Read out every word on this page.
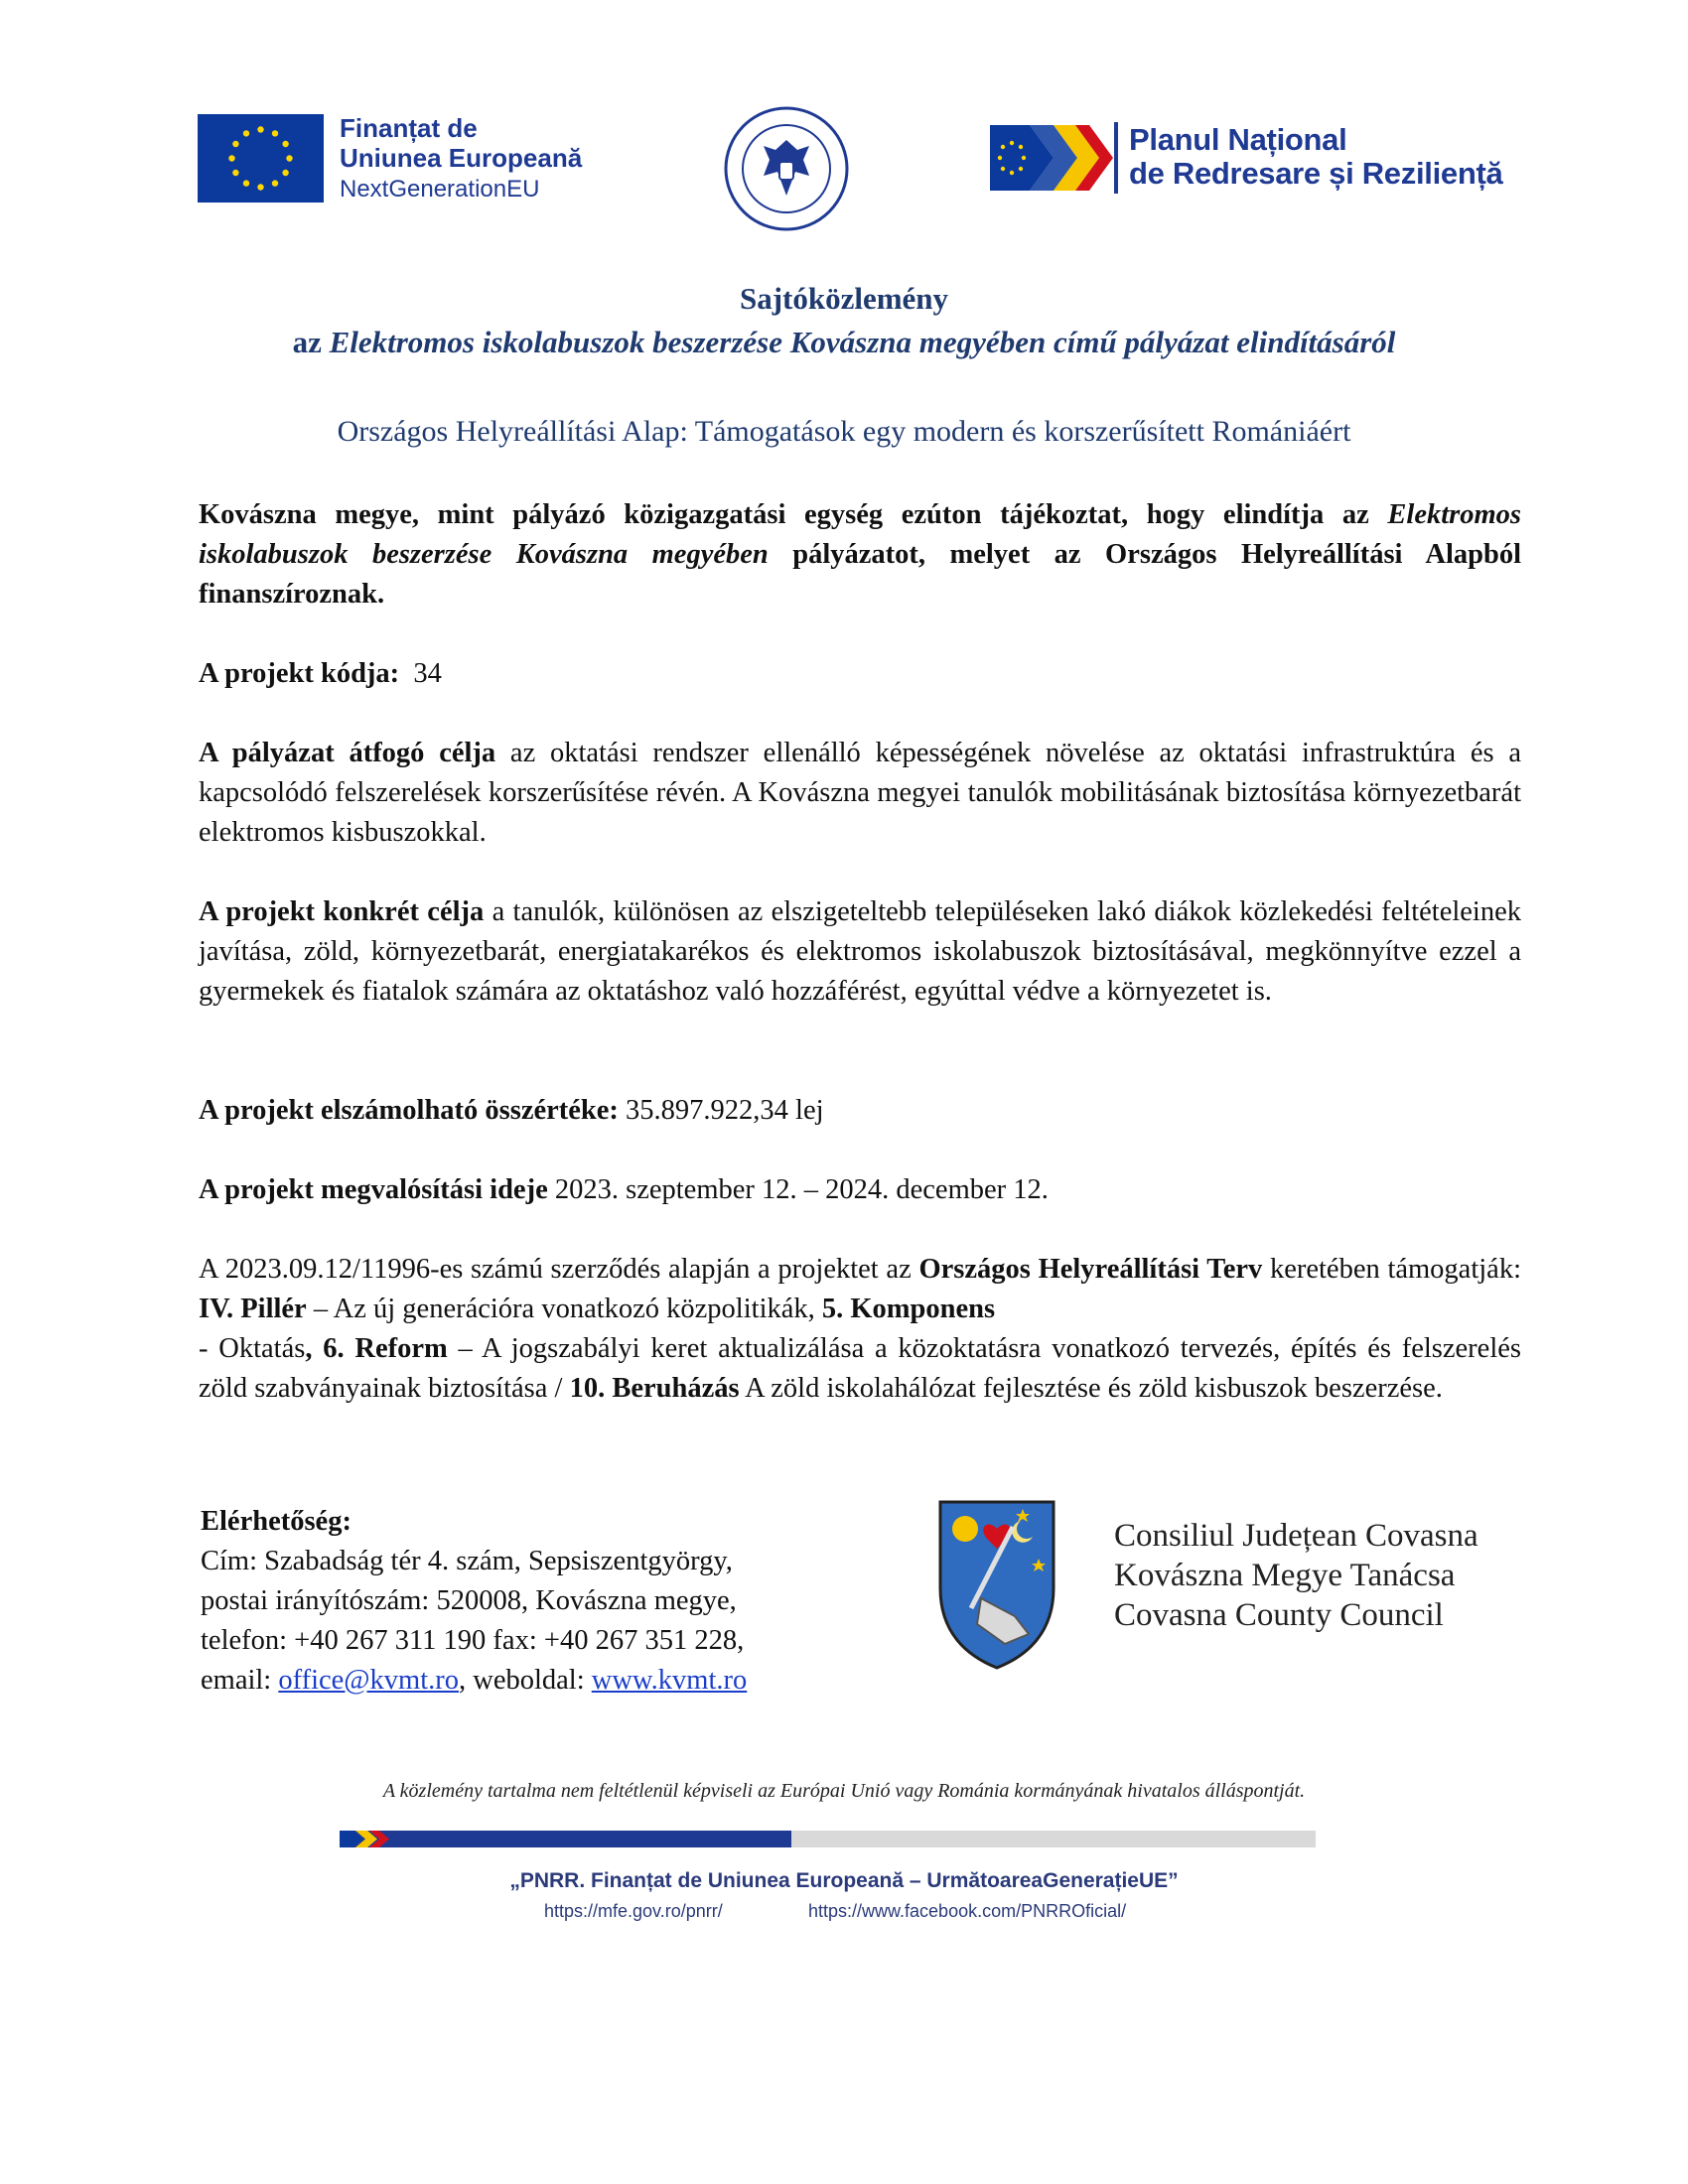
Finanțat de
Uniunea Europeană
NextGenerationEU
Planul Național
de Redresare și Reziliență
Sajtóközlemény
az Elektromos iskolabuszok beszerzése Kovászna megyében című pályázat elindításáról
Országos Helyreállítási Alap: Támogatások egy modern és korszerűsített Romániáért
Kovászna megye, mint pályázó közigazgatási egység ezúton tájékoztat, hogy elindítja az Elektromos iskolabuszok beszerzése Kovászna megyében pályázatot, melyet az Országos Helyreállítási Alapból finanszíroznak.
A projekt kódja: 34
A pályázat átfogó célja az oktatási rendszer ellenálló képességének növelése az oktatási infrastruktúra és a kapcsolódó felszerelések korszerűsítése révén. A Kovászna megyei tanulók mobilitásának biztosítása környezetbarát elektromos kisbuszokkal.
A projekt konkrét célja a tanulók, különösen az elszigeteltebb településeken lakó diákok közlekedési feltételeinek javítása, zöld, környezetbarát, energiatakarékos és elektromos iskolabuszok biztosításával, megkönnyítve ezzel a gyermekek és fiatalok számára az oktatáshoz való hozzáférést, egyúttal védve a környezetet is.
A projekt elszámolható összértéke: 35.897.922,34 lej
A projekt megvalósítási ideje 2023. szeptember 12. – 2024. december 12.
A 2023.09.12/11996-es számú szerződés alapján a projektet az Országos Helyreállítási Terv keretében támogatják: IV. Pillér – Az új generációra vonatkozó közpolitikák, 5. Komponens
- Oktatás, 6. Reform – A jogszabályi keret aktualizálása a közoktatásra vonatkozó tervezés, építés és felszerelés zöld szabványainak biztosítása / 10. Beruházás A zöld iskolahálózat fejlesztése és zöld kisbuszok beszerzése.
Elérhetőség:
Cím: Szabadság tér 4. szám, Sepsiszentgyörgy,
postai irányítószám: 520008, Kovászna megye,
telefon: +40 267 311 190 fax: +40 267 351 228,
email: office@kvmt.ro, weboldal: www.kvmt.ro
Consiliul Județean Covasna
Kovászna Megye Tanácsa
Covasna County Council
A közlemény tartalma nem feltétlenül képviseli az Európai Unió vagy Románia kormányának hivatalos álláspontját.
„PNRR. Finanțat de Uniunea Europeană – UrmătoareaGenerațieUE”
https://mfe.gov.ro/pnrr/	https://www.facebook.com/PNRROficial/
